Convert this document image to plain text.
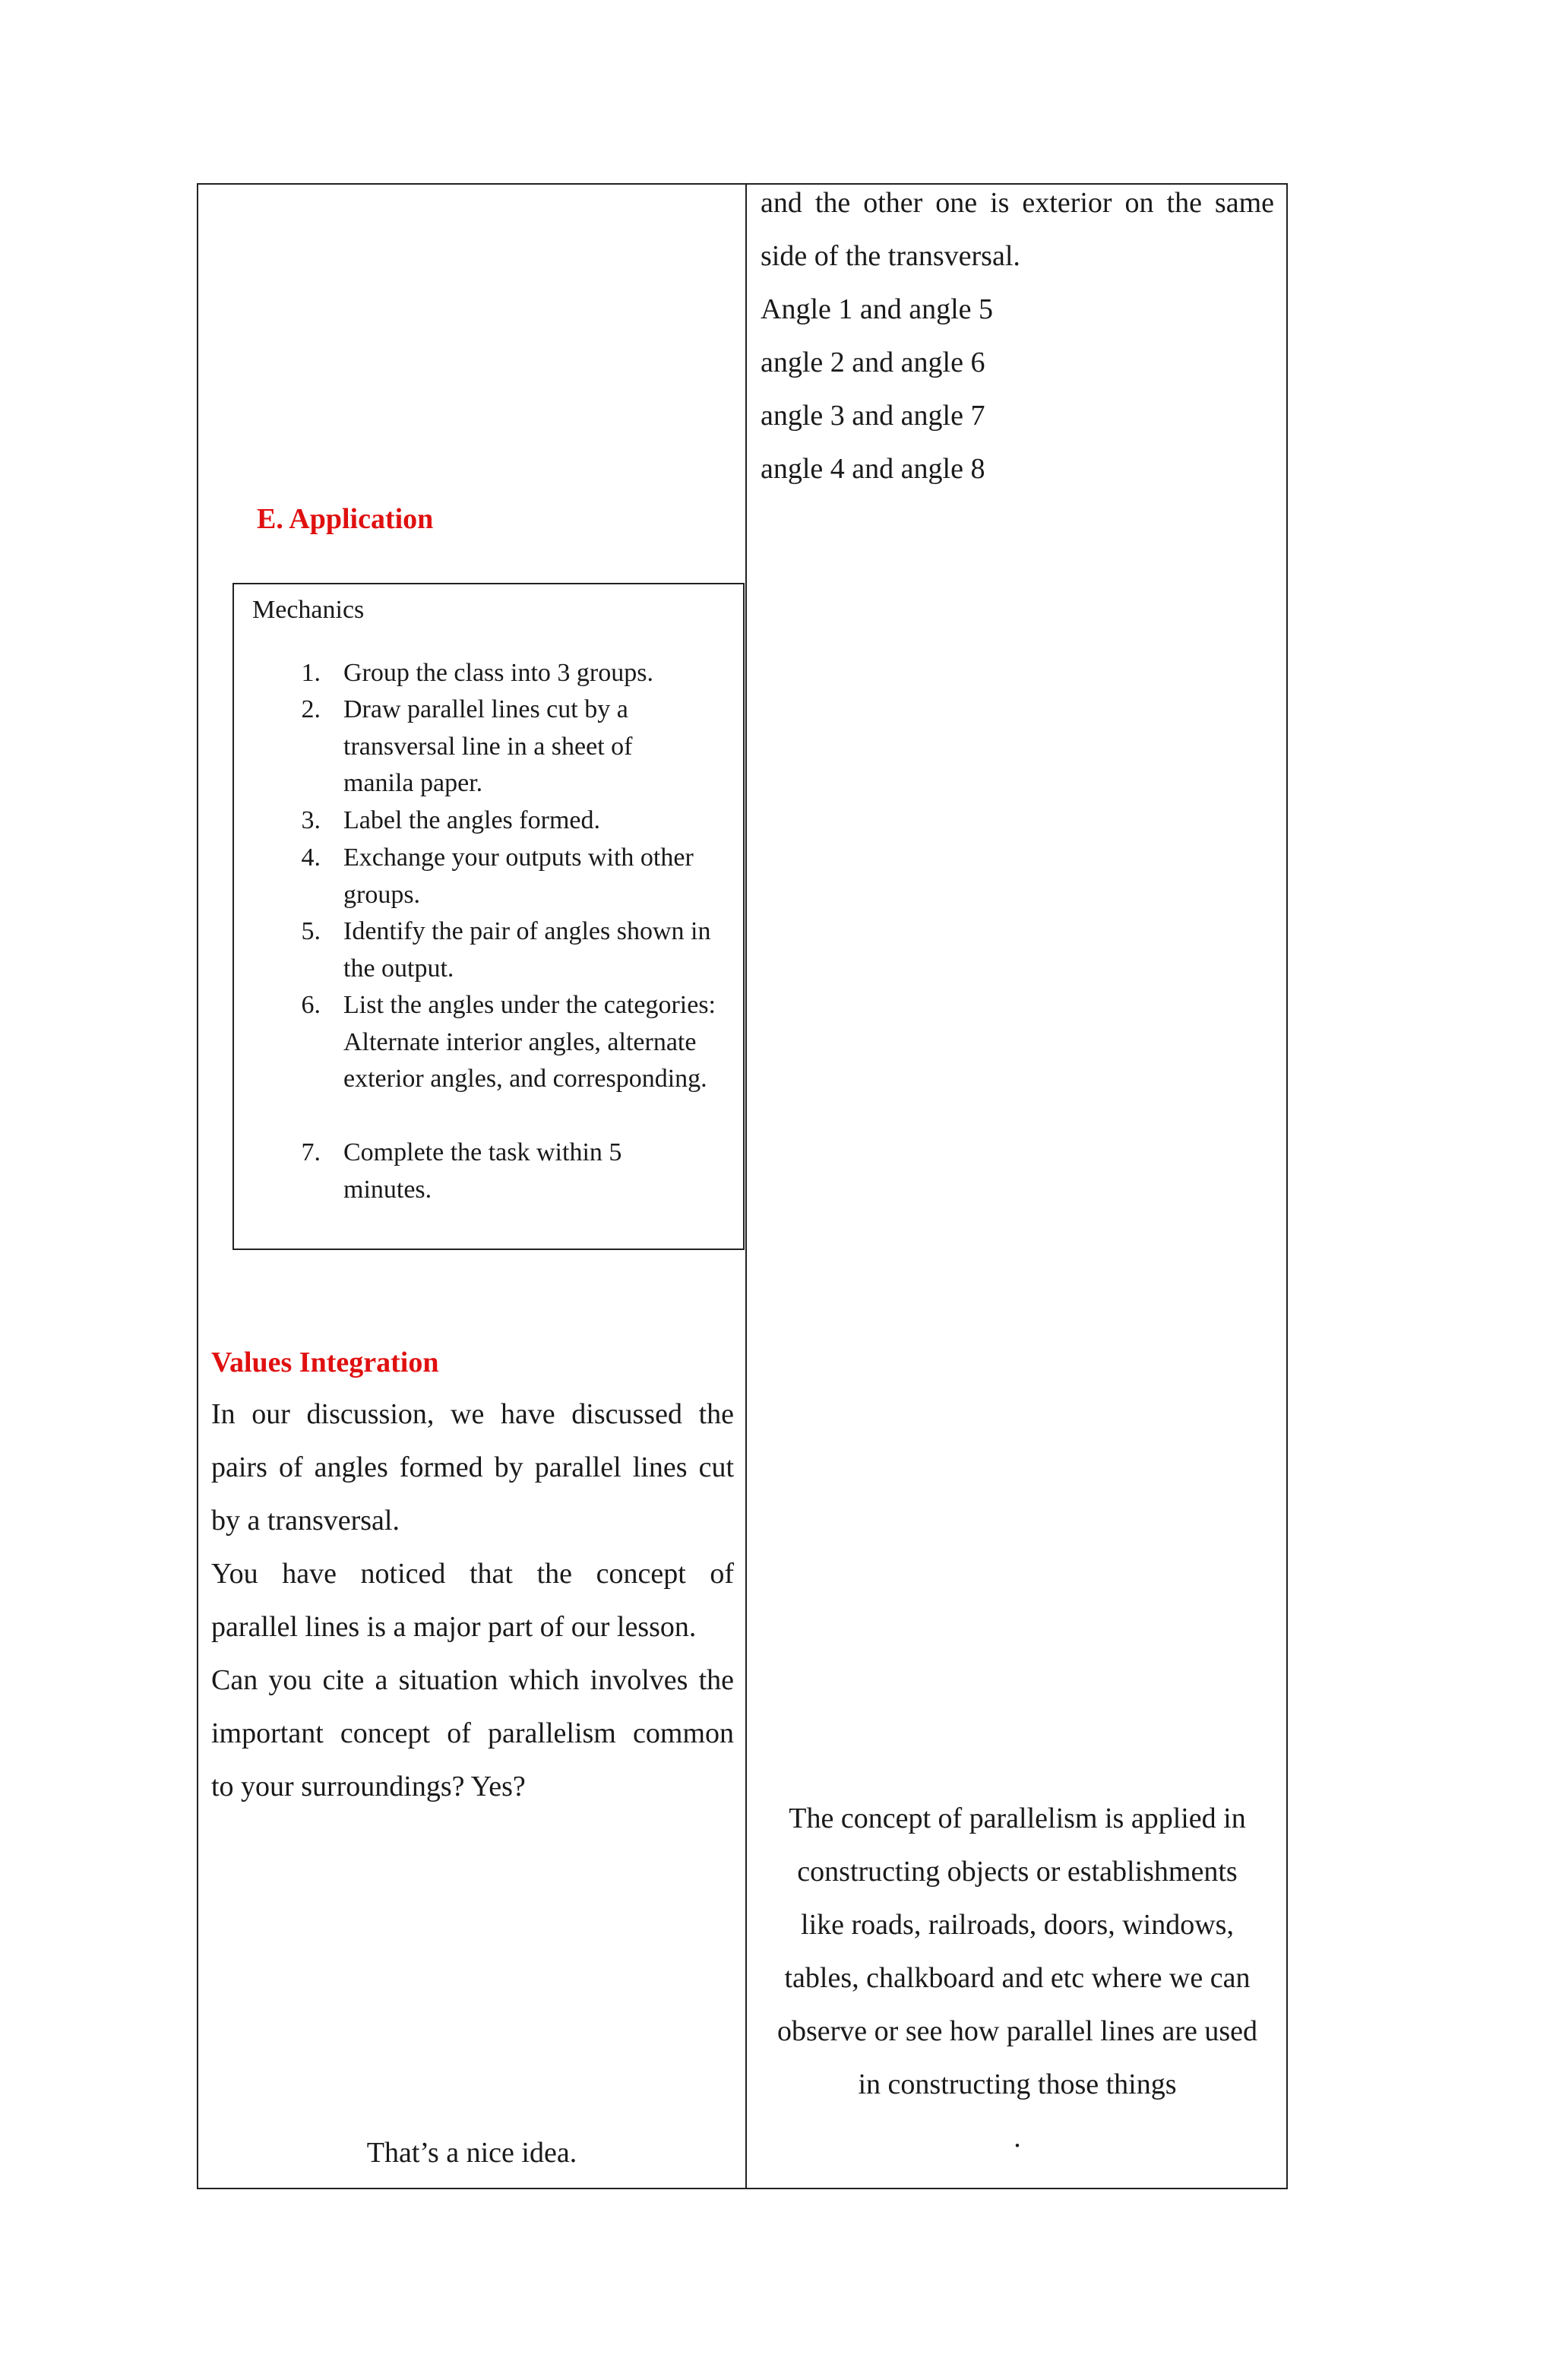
and the other one is exterior on the same
side of the transversal.
Angle 1 and angle 5
angle 2 and angle 6
angle 3 and angle 7
angle 4 and angle 8
E. Application
Mechanics
1. Group the class into 3 groups.
2. Draw parallel lines cut by a transversal line in a sheet of manila paper.
3. Label the angles formed.
4. Exchange your outputs with other groups.
5. Identify the pair of angles shown in the output.
6. List the angles under the categories: Alternate interior angles, alternate exterior angles, and corresponding.
7. Complete the task within 5 minutes.
Values Integration
In our discussion, we have discussed the
pairs of angles formed by parallel lines cut
by a transversal.
You have noticed that the concept of
parallel lines is a major part of our lesson.
Can you cite a situation which involves the
important concept of parallelism common
to your surroundings? Yes?
The concept of parallelism is applied in
constructing objects or establishments
like roads, railroads, doors, windows,
tables, chalkboard and etc where we can
observe or see how parallel lines are used
in constructing those things
.
That’s a nice idea.
